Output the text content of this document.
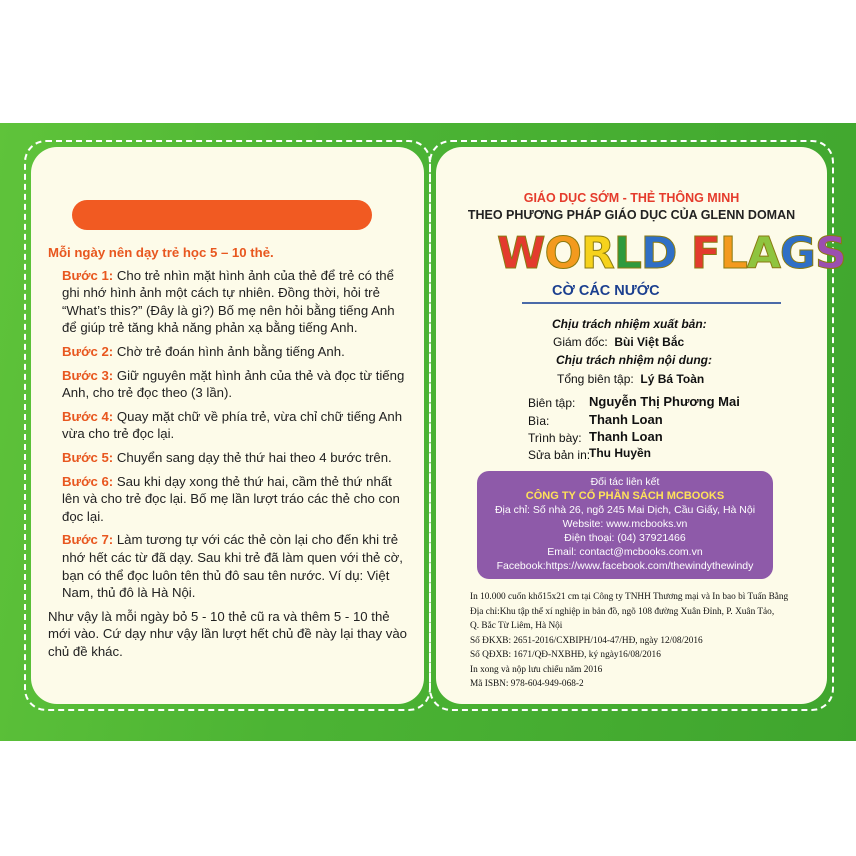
Mỗi ngày nên dạy trẻ học 5 – 10 thẻ.
Bước 1: Cho trẻ nhìn mặt hình ảnh của thẻ để trẻ có thể ghi nhớ hình ảnh một cách tự nhiên. Đồng thời, hỏi trẻ “What’s this?” (Đây là gì?) Bố mẹ nên hỏi bằng tiếng Anh để giúp trẻ tăng khả năng phản xạ bằng tiếng Anh.
Bước 2: Chờ trẻ đoán hình ảnh bằng tiếng Anh.
Bước 3: Giữ nguyên mặt hình ảnh của thẻ và đọc từ tiếng Anh, cho trẻ đọc theo (3 lần).
Bước 4: Quay mặt chữ về phía trẻ, vừa chỉ chữ tiếng Anh vừa cho trẻ đọc lại.
Bước 5: Chuyển sang dạy thẻ thứ hai theo 4 bước trên.
Bước 6: Sau khi dạy xong thẻ thứ hai, cầm thẻ thứ nhất lên và cho trẻ đọc lại. Bố mẹ lần lượt tráo các thẻ cho con đọc lại.
Bước 7: Làm tương tự với các thẻ còn lại cho đến khi trẻ nhớ hết các từ đã dạy. Sau khi trẻ đã làm quen với thẻ cờ, bạn có thể đọc luôn tên thủ đô sau tên nước. Ví dụ: Việt Nam, thủ đô là Hà Nội.
Như vậy là mỗi ngày bỏ 5 - 10 thẻ cũ ra và thêm 5 - 10 thẻ mới vào. Cứ dạy như vậy lần lượt hết chủ đề này lại thay vào chủ đề khác.
GIÁO DỤC SỚM - THẺ THÔNG MINH
THEO PHƯƠNG PHÁP GIÁO DỤC CỦA GLENN DOMAN
WORLD FLAGS
CỜ CÁC NƯỚC
Chịu trách nhiệm xuất bản:
Giám đốc: Bùi Việt Bắc
Chịu trách nhiệm nội dung:
Tổng biên tập: Lý Bá Toàn
Biên tập: Nguyễn Thị Phương Mai
Bìa:	Thanh Loan
Trình bày: Thanh Loan
Sửa bản in:
Thu Huyền
Đối tác liên kết
CÔNG TY CỔ PHẦN SÁCH MCBOOKS
Địa chỉ: Số nhà 26, ngõ 245 Mai Dịch, Cầu Giấy, Hà Nội
Website: www.mcbooks.vn
Điện thoại: (04) 37921466
Email: contact@mcbooks.com.vn
Facebook:https://www.facebook.com/thewindythewindy
In 10.000 cuốn khổ15x21 cm tại Công ty TNHH Thương mại và In bao bì Tuấn Bằng
Địa chỉ:Khu tập thể xí nghiệp in bản đồ, ngõ 108 đường Xuân Đỉnh, P. Xuân Tảo,
Q. Bắc Từ Liêm, Hà Nội
Số ĐKXB: 2651-2016/CXBIPH/104-47/HĐ, ngày 12/08/2016
Số QĐXB: 1671/QĐ-NXBHĐ, ký ngày16/08/2016
In xong và nộp lưu chiểu năm 2016
Mã ISBN: 978-604-949-068-2
